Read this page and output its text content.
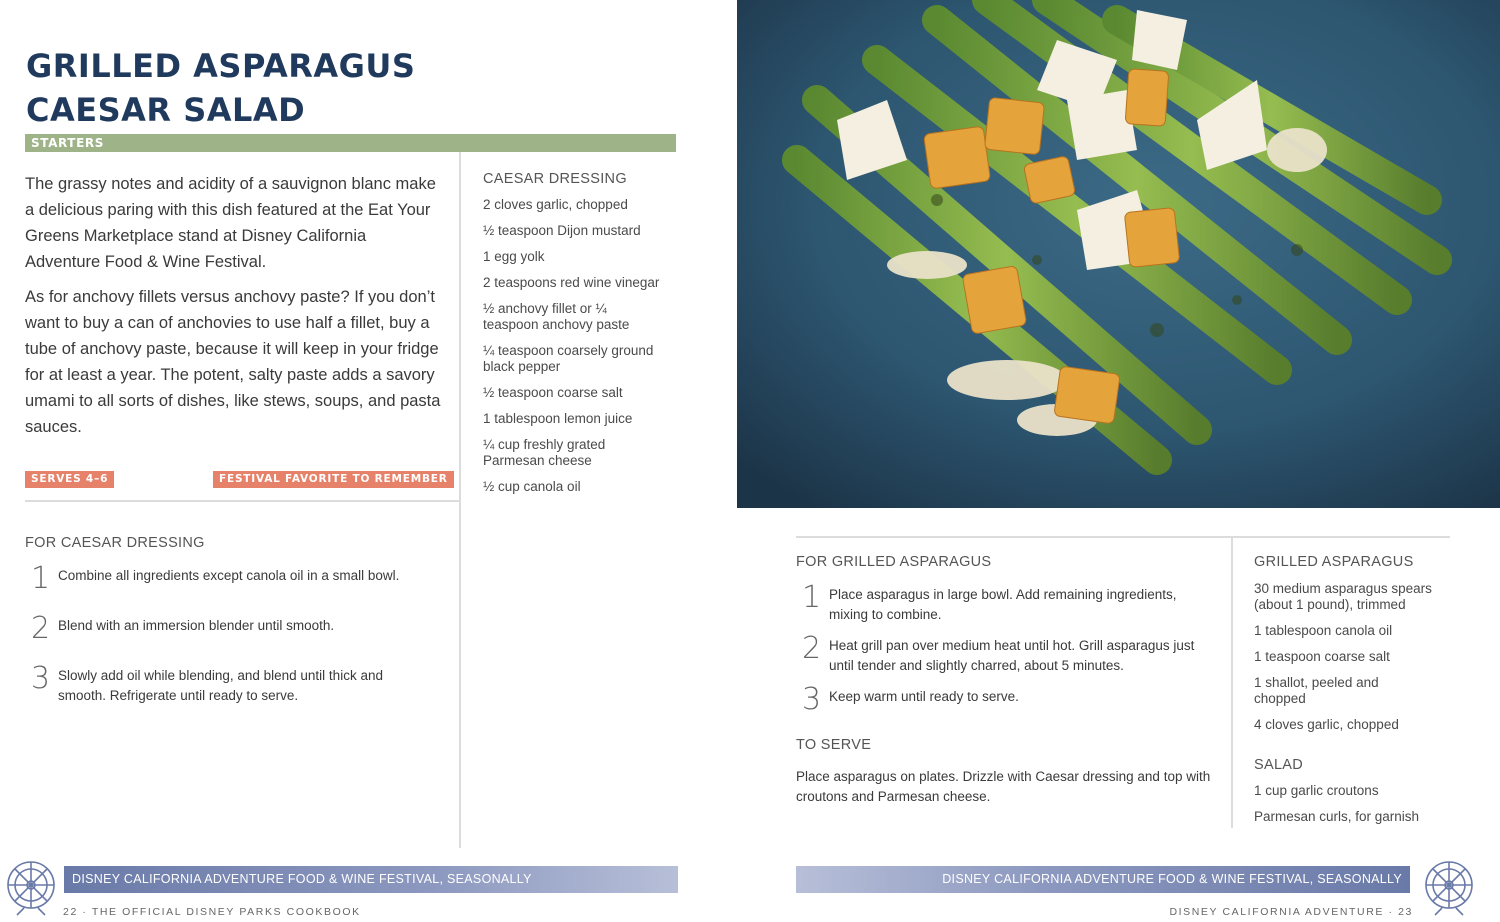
GRILLED ASPARAGUS
CAESAR SALAD
STARTERS

The grassy notes and acidity of a sauvignon blanc make a delicious paring with this dish featured at the Eat Your Greens Marketplace stand at Disney California Adventure Food & Wine Festival.

As for anchovy fillets versus anchovy paste? If you don’t want to buy a can of anchovies to use half a fillet, buy a tube of anchovy paste, because it will keep in your fridge for at least a year. The potent, salty paste adds a savory umami to all sorts of dishes, like stews, soups, and pasta sauces.

SERVES 4–6	FESTIVAL FAVORITE TO REMEMBER
CAESAR DRESSING
2 cloves garlic, chopped
½ teaspoon Dijon mustard
1 egg yolk
2 teaspoons red wine vinegar
½ anchovy fillet or ¼ teaspoon anchovy paste
¼ teaspoon coarsely ground black pepper
½ teaspoon coarse salt
1 tablespoon lemon juice
¼ cup freshly grated Parmesan cheese
½ cup canola oil
FOR CAESAR DRESSING
1 Combine all ingredients except canola oil in a small bowl.
2 Blend with an immersion blender until smooth.
3 Slowly add oil while blending, and blend until thick and smooth. Refrigerate until ready to serve.
FOR GRILLED ASPARAGUS
1 Place asparagus in large bowl. Add remaining ingredients, mixing to combine.
2 Heat grill pan over medium heat until hot. Grill asparagus just until tender and slightly charred, about 5 minutes.
3 Keep warm until ready to serve.
TO SERVE

Place asparagus on plates. Drizzle with Caesar dressing and top with croutons and Parmesan cheese.

GRILLED ASPARAGUS
30 medium asparagus spears (about 1 pound), trimmed
1 tablespoon canola oil
1 teaspoon coarse salt
1 shallot, peeled and chopped
4 cloves garlic, chopped
SALAD
1 cup garlic croutons
Parmesan curls, for garnish
DISNEY CALIFORNIA ADVENTURE FOOD & WINE FESTIVAL, SEASONALLY
22 · THE OFFICIAL DISNEY PARKS COOKBOOK
DISNEY CALIFORNIA ADVENTURE FOOD & WINE FESTIVAL, SEASONALLY
DISNEY CALIFORNIA ADVENTURE · 23
